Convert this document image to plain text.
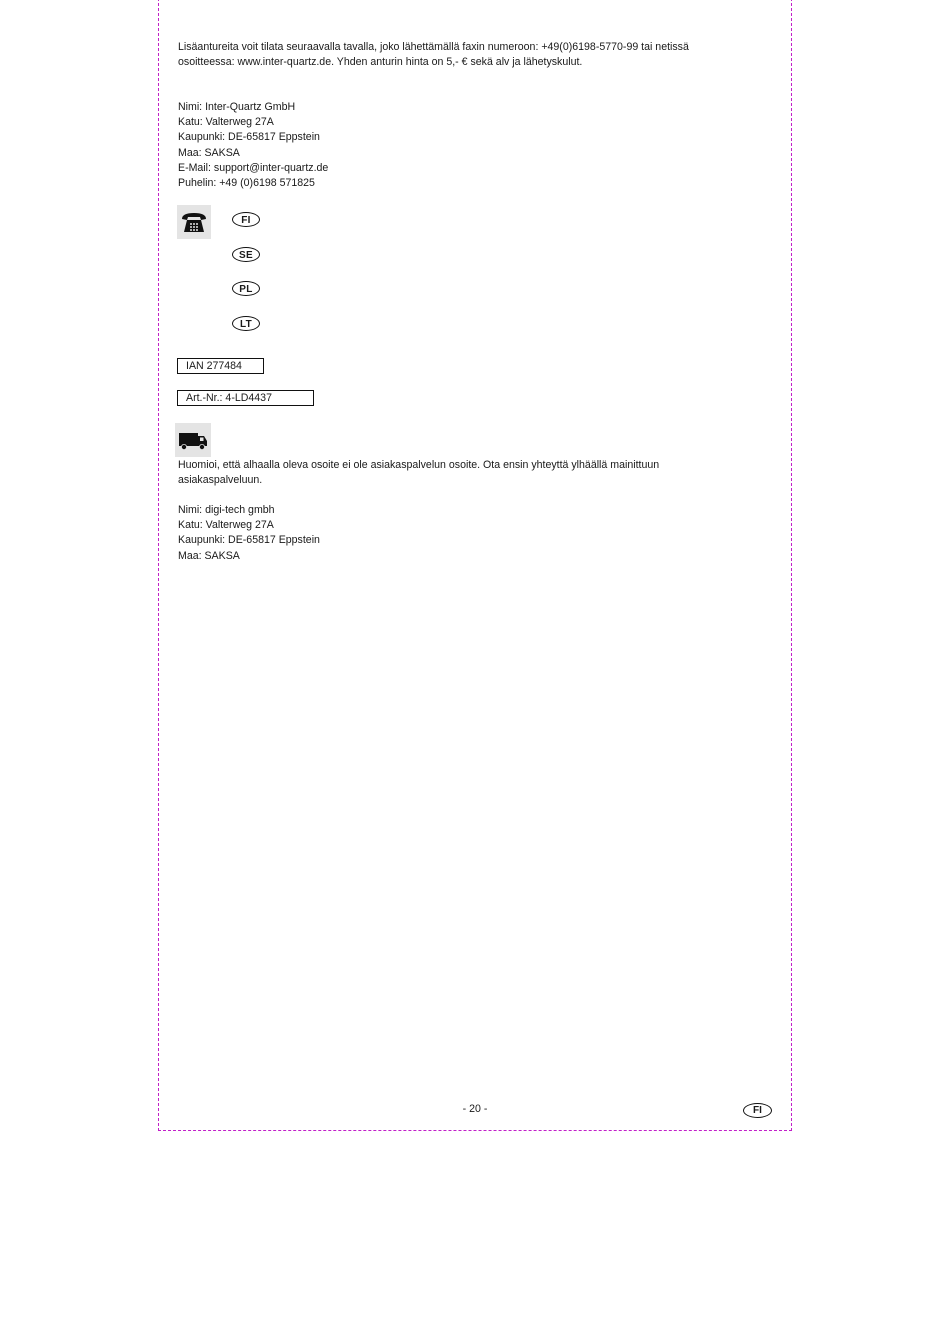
Lisäantureita voit tilata seuraavalla tavalla, joko lähettämällä faxin numeroon: +49(0)6198-5770-99 tai netissä
osoitteessa: www.inter-quartz.de. Yhden anturin hinta on 5,- € sekä alv ja lähetyskulut.
Nimi: Inter-Quartz GmbH
Katu: Valterweg 27A
Kaupunki: DE-65817 Eppstein
Maa: SAKSA
E-Mail: support@inter-quartz.de
Puhelin: +49 (0)6198 571825
FI
SE
PL
LT
IAN 277484
Art.-Nr.: 4-LD4437
Huomioi, että alhaalla oleva osoite ei ole asiakaspalvelun osoite. Ota ensin yhteyttä ylhäällä mainittuun
asiakaspalveluun.
Nimi: digi-tech gmbh
Katu: Valterweg 27A
Kaupunki: DE-65817 Eppstein
Maa: SAKSA
- 20 -	FI
